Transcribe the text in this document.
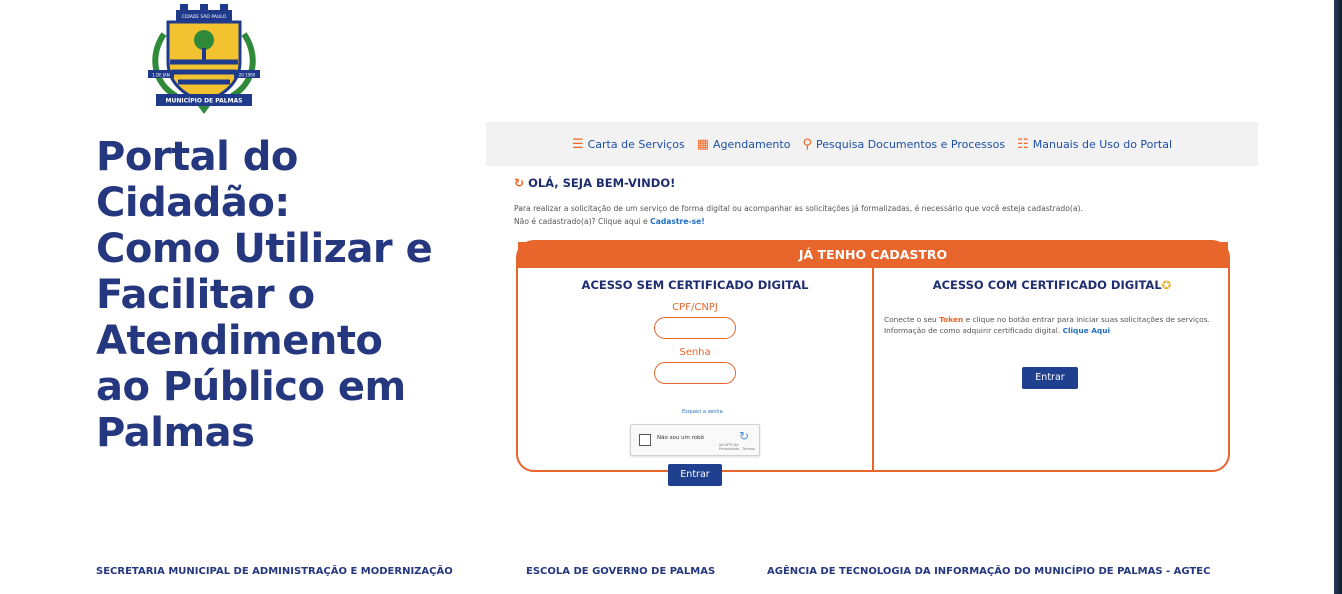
CIDADE SÃO PAULO
1 DE JAN	20 1990
MUNICÍPIO DE PALMAS
Portal do
Cidadão:
Como Utilizar e
Facilitar o
Atendimento
ao Público em
Palmas
☰ Carta de Serviços ▦ Agendamento ⚲ Pesquisa Documentos e Processos ☷ Manuais de Uso do Portal
↻ OLÁ, SEJA BEM-VINDO!
Para realizar a solicitação de um serviço de forma digital ou acompanhar as solicitações já formalizadas, é necessário que você esteja cadastrado(a).
Não é cadastrado(a)? Clique aqui e Cadastre-se!
JÁ TENHO CADASTRO
ACESSO SEM CERTIFICADO DIGITAL
CPF/CNPJ
Senha
Esqueci a senha
Não sou um robô	↻
reCAPTCHA
Privacidade - Termos
Entrar
ACESSO COM CERTIFICADO DIGITAL✪
Conecte o seu Token e clique no botão entrar para iniciar suas solicitações de serviços.
Informação de como adquirir certificado digital. Clique Aqui
Entrar
SECRETARIA MUNICIPAL DE ADMINISTRAÇÃO E MODERNIZAÇÃO	ESCOLA DE GOVERNO DE PALMAS	AGÊNCIA DE TECNOLOGIA DA INFORMAÇÃO DO MUNICÍPIO DE PALMAS - AGTEC
